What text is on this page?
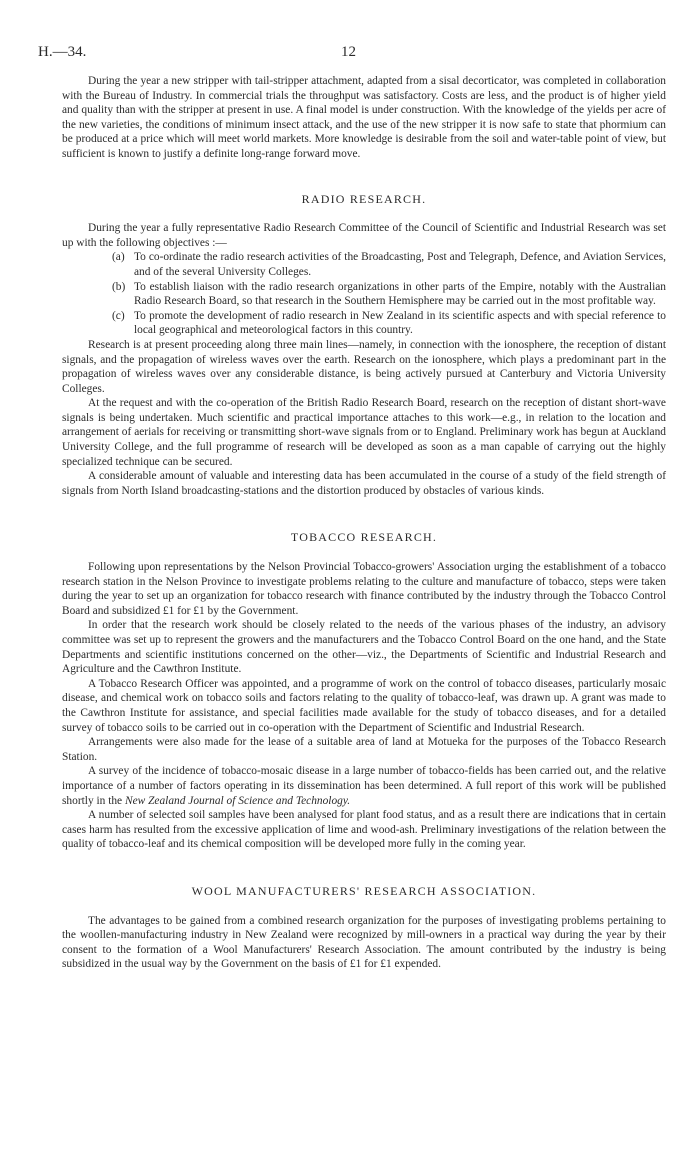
H.—34.	12

During the year a new stripper with tail-stripper attachment, adapted from a sisal decorticator, was completed in collaboration with the Bureau of Industry. In commercial trials the throughput was satisfactory. Costs are less, and the product is of higher yield and quality than with the stripper at present in use. A final model is under construction. With the knowledge of the yields per acre of the new varieties, the conditions of minimum insect attack, and the use of the new stripper it is now safe to state that phormium can be produced at a price which will meet world markets. More knowledge is desirable from the soil and water-table point of view, but sufficient is known to justify a definite long-range forward move.

RADIO RESEARCH.

During the year a fully representative Radio Research Committee of the Council of Scientific and Industrial Research was set up with the following objectives :—

(a) To co-ordinate the radio research activities of the Broadcasting, Post and Telegraph, Defence, and Aviation Services, and of the several University Colleges.
(b) To establish liaison with the radio research organizations in other parts of the Empire, notably with the Australian Radio Research Board, so that research in the Southern Hemisphere may be carried out in the most profitable way.
(c) To promote the development of radio research in New Zealand in its scientific aspects and with special reference to local geographical and meteorological factors in this country.

Research is at present proceeding along three main lines—namely, in connection with the ionosphere, the reception of distant signals, and the propagation of wireless waves over the earth. Research on the ionosphere, which plays a predominant part in the propagation of wireless waves over any considerable distance, is being actively pursued at Canterbury and Victoria University Colleges.

At the request and with the co-operation of the British Radio Research Board, research on the reception of distant short-wave signals is being undertaken. Much scientific and practical importance attaches to this work—e.g., in relation to the location and arrangement of aerials for receiving or transmitting short-wave signals from or to England. Preliminary work has begun at Auckland University College, and the full programme of research will be developed as soon as a man capable of carrying out the highly specialized technique can be secured.

A considerable amount of valuable and interesting data has been accumulated in the course of a study of the field strength of signals from North Island broadcasting-stations and the distortion produced by obstacles of various kinds.

TOBACCO RESEARCH.

Following upon representations by the Nelson Provincial Tobacco-growers' Association urging the establishment of a tobacco research station in the Nelson Province to investigate problems relating to the culture and manufacture of tobacco, steps were taken during the year to set up an organization for tobacco research with finance contributed by the industry through the Tobacco Control Board and subsidized £1 for £1 by the Government.

In order that the research work should be closely related to the needs of the various phases of the industry, an advisory committee was set up to represent the growers and the manufacturers and the Tobacco Control Board on the one hand, and the State Departments and scientific institutions concerned on the other—viz., the Departments of Scientific and Industrial Research and Agriculture and the Cawthron Institute.

A Tobacco Research Officer was appointed, and a programme of work on the control of tobacco diseases, particularly mosaic disease, and chemical work on tobacco soils and factors relating to the quality of tobacco-leaf, was drawn up. A grant was made to the Cawthron Institute for assistance, and special facilities made available for the study of tobacco diseases, and for a detailed survey of tobacco soils to be carried out in co-operation with the Department of Scientific and Industrial Research.

Arrangements were also made for the lease of a suitable area of land at Motueka for the purposes of the Tobacco Research Station.

A survey of the incidence of tobacco-mosaic disease in a large number of tobacco-fields has been carried out, and the relative importance of a number of factors operating in its dissemination has been determined. A full report of this work will be published shortly in the New Zealand Journal of Science and Technology.

A number of selected soil samples have been analysed for plant food status, and as a result there are indications that in certain cases harm has resulted from the excessive application of lime and wood-ash. Preliminary investigations of the relation between the quality of tobacco-leaf and its chemical composition will be developed more fully in the coming year.

WOOL MANUFACTURERS' RESEARCH ASSOCIATION.

The advantages to be gained from a combined research organization for the purposes of investigating problems pertaining to the woollen-manufacturing industry in New Zealand were recognized by mill-owners in a practical way during the year by their consent to the formation of a Wool Manufacturers' Research Association. The amount contributed by the industry is being subsidized in the usual way by the Government on the basis of £1 for £1 expended.
